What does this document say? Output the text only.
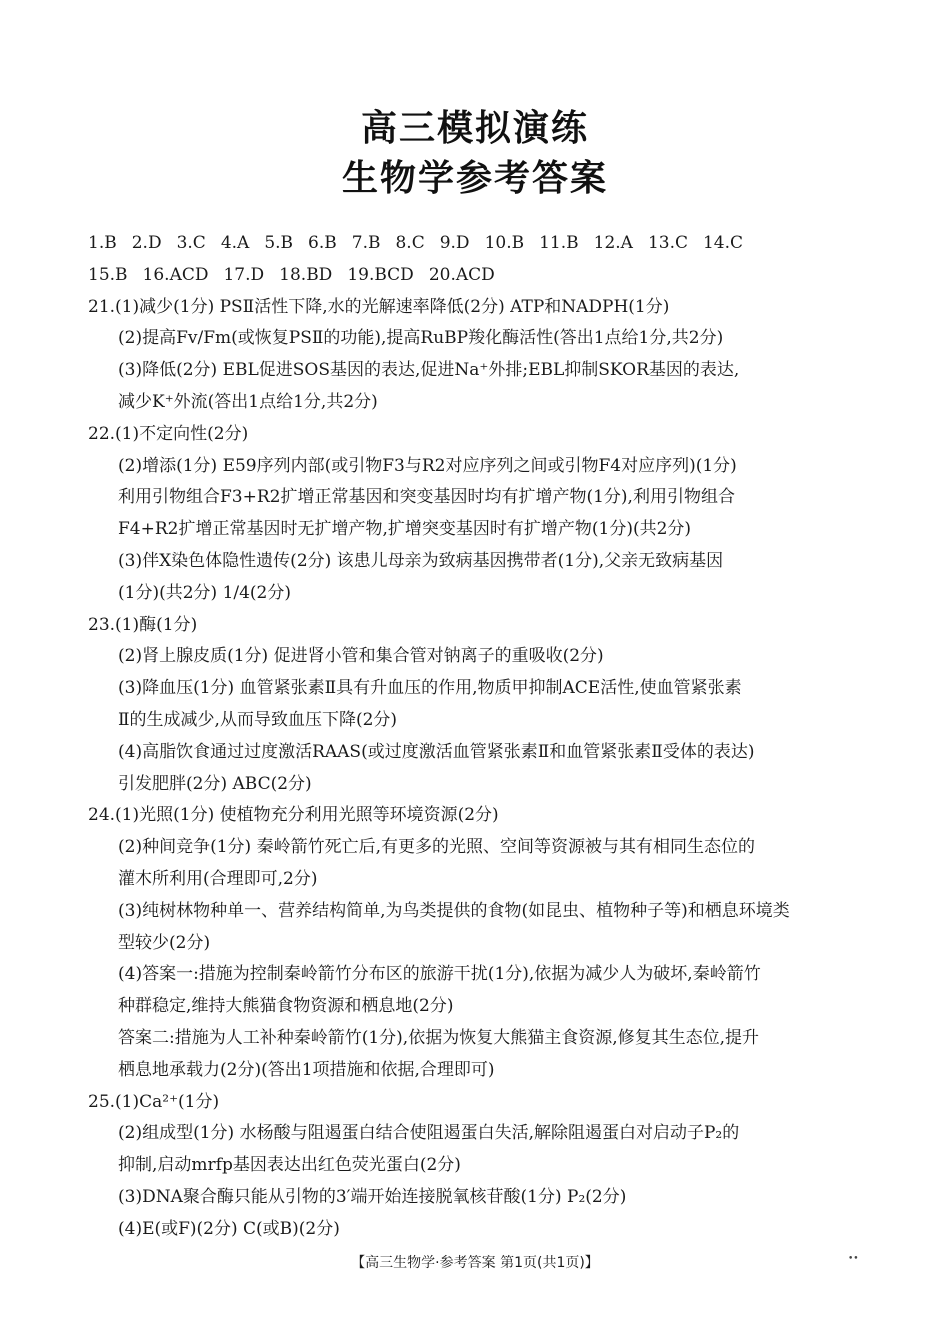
高三模拟演练
生物学参考答案
1.B 2.D 3.C 4.A 5.B 6.B 7.B 8.C 9.D 10.B 11.B 12.A 13.C 14.C
15.B 16.ACD 17.D 18.BD 19.BCD 20.ACD
21.(1)减少(1分) PSⅡ活性下降,水的光解速率降低(2分) ATP和NADPH(1分)
(2)提高Fv/Fm(或恢复PSⅡ的功能),提高RuBP羧化酶活性(答出1点给1分,共2分)
(3)降低(2分) EBL促进SOS基因的表达,促进Na⁺外排;EBL抑制SKOR基因的表达,
减少K⁺外流(答出1点给1分,共2分)
22.(1)不定向性(2分)
(2)增添(1分) E59序列内部(或引物F3与R2对应序列之间或引物F4对应序列)(1分)
利用引物组合F3+R2扩增正常基因和突变基因时均有扩增产物(1分),利用引物组合
F4+R2扩增正常基因时无扩增产物,扩增突变基因时有扩增产物(1分)(共2分)
(3)伴X染色体隐性遗传(2分) 该患儿母亲为致病基因携带者(1分),父亲无致病基因
(1分)(共2分) 1/4(2分)
23.(1)酶(1分)
(2)肾上腺皮质(1分) 促进肾小管和集合管对钠离子的重吸收(2分)
(3)降血压(1分) 血管紧张素Ⅱ具有升血压的作用,物质甲抑制ACE活性,使血管紧张素
Ⅱ的生成减少,从而导致血压下降(2分)
(4)高脂饮食通过过度激活RAAS(或过度激活血管紧张素Ⅱ和血管紧张素Ⅱ受体的表达)
引发肥胖(2分) ABC(2分)
24.(1)光照(1分) 使植物充分利用光照等环境资源(2分)
(2)种间竞争(1分) 秦岭箭竹死亡后,有更多的光照、空间等资源被与其有相同生态位的
灌木所利用(合理即可,2分)
(3)纯树林物种单一、营养结构简单,为鸟类提供的食物(如昆虫、植物种子等)和栖息环境类
型较少(2分)
(4)答案一:措施为控制秦岭箭竹分布区的旅游干扰(1分),依据为减少人为破坏,秦岭箭竹
种群稳定,维持大熊猫食物资源和栖息地(2分)
答案二:措施为人工补种秦岭箭竹(1分),依据为恢复大熊猫主食资源,修复其生态位,提升
栖息地承载力(2分)(答出1项措施和依据,合理即可)
25.(1)Ca²⁺(1分)
(2)组成型(1分) 水杨酸与阻遏蛋白结合使阻遏蛋白失活,解除阻遏蛋白对启动子P₂的
抑制,启动mrfp基因表达出红色荧光蛋白(2分)
(3)DNA聚合酶只能从引物的3′端开始连接脱氧核苷酸(1分) P₂(2分)
(4)E(或F)(2分) C(或B)(2分)
【高三生物学·参考答案 第1页(共1页)】	••
